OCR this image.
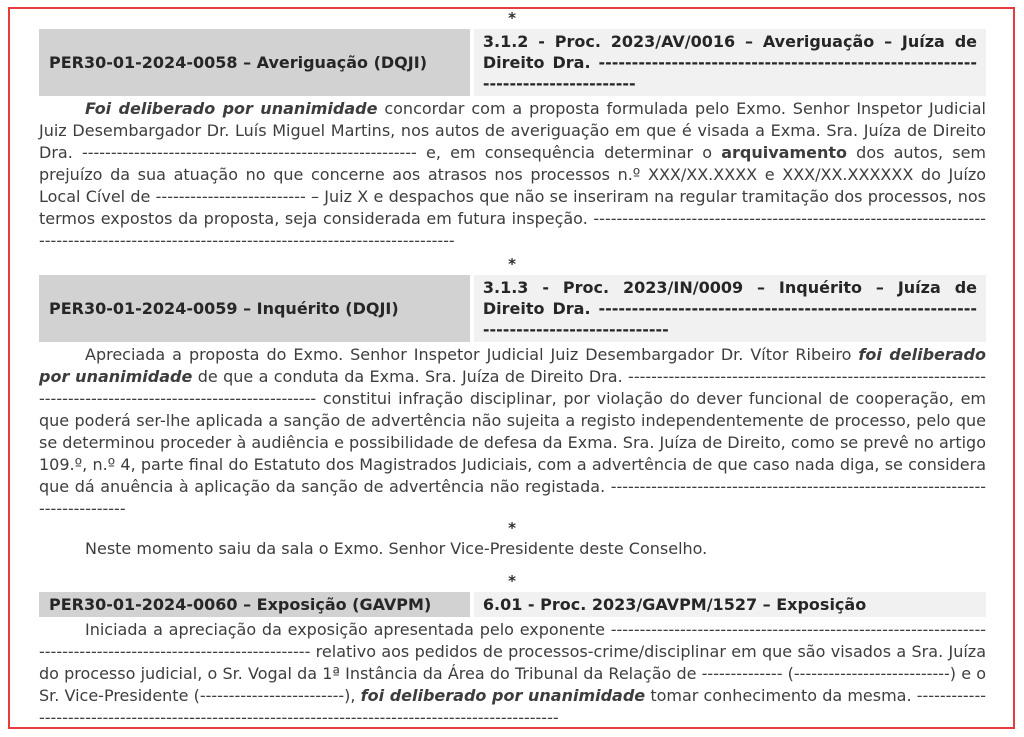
*
PER30-01-2024-0058 – Averiguação (DQJI)
3.1.2 - Proc. 2023/AV/0016 – Averiguação – Juíza de Direito Dra. --------------------------------------------------------------------------------

Foi deliberado por unanimidade concordar com a proposta formulada pelo Exmo. Senhor Inspetor Judicial Juiz Desembargador Dr. Luís Miguel Martins, nos autos de averiguação em que é visada a Exma. Sra. Juíza de Direito Dra. ---------------------------------------------------------- e, em consequência determinar o arquivamento dos autos, sem prejuízo da sua atuação no que concerne aos atrasos nos processos n.º XXX/XX.XXXX e XXX/XX.XXXXXX do Juízo Local Cível de -------------------------- – Juiz X e despachos que não se inseriram na regular tramitação dos processos, nos termos expostos da proposta, seja considerada em futura inspeção. --------------------------------------------------------------------------------------------------------------------------------------------

*
PER30-01-2024-0059 – Inquérito (DQJI)
3.1.3 - Proc. 2023/IN/0009 – Inquérito – Juíza de Direito Dra. -------------------------------------------------------------------------------------

Apreciada a proposta do Exmo. Senhor Inspetor Judicial Juiz Desembargador Dr. Vítor Ribeiro foi deliberado por unanimidade de que a conduta da Exma. Sra. Juíza de Direito Dra. -------------------------------------------------------------------------------------------------------------- constitui infração disciplinar, por violação do dever funcional de cooperação, em que poderá ser-lhe aplicada a sanção de advertência não sujeita a registo independentemente de processo, pelo que se determinou proceder à audiência e possibilidade de defesa da Exma. Sra. Juíza de Direito, como se prevê no artigo 109.º, n.º 4, parte final do Estatuto dos Magistrados Judiciais, com a advertência de que caso nada diga, se considera que dá anuência à aplicação da sanção de advertência não registada. --------------------------------------------------------------------------------

*

Neste momento saiu da sala o Exmo. Senhor Vice-Presidente deste Conselho.

*
PER30-01-2024-0060 – Exposição (GAVPM)	6.01 - Proc. 2023/GAVPM/1527 – Exposição

Iniciada a apreciação da exposição apresentada pelo exponente ---------------------------------------------------------------------------------------------------------------- relativo aos pedidos de processos-crime/disciplinar em que são visados a Sra. Juíza do processo judicial, o Sr. Vogal da 1ª Instância da Área do Tribunal da Relação de -------------- (---------------------------) e o Sr. Vice-Presidente (-------------------------), foi deliberado por unanimidade tomar conhecimento da mesma. ------------------------------------------------------------------------------------------------------
